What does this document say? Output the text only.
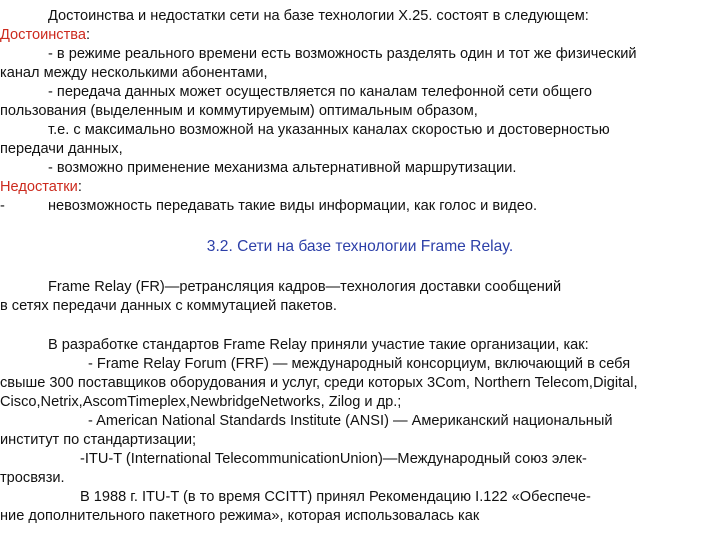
Достоинства и недостатки сети на базе технологии X.25. состоят в следующем:
Достоинства:
- в режиме реального времени есть возможность разделять один и тот же физический
канал между несколькими абонентами,
- передача данных может осуществляется по каналам телефонной сети общего
пользования (выделенным и коммутируемым) оптимальным образом,
т.е. с максимально возможной на указанных каналах скоростью и достоверностью
передачи данных,
- возможно применение механизма альтернативной маршрутизации.
Недостатки:
-	невозможность передавать такие виды информации, как голос и видео.
3.2. Сети на базе технологии Frame Relay.
Frame Relay (FR)—ретрансляция кадров—технология доставки сообщений
в сетях передачи данных с коммутацией пакетов.
В разработке стандартов Frame Relay приняли участие такие организации, как:
- Frame Relay Forum (FRF) — международный консорциум, включающий в себя
свыше 300 поставщиков оборудования и услуг, среди которых 3Com, Northern Telecom,Digital,
Cisco,Netrix,AscomTimeplex,NewbridgeNetworks, Zilog и др.;
- American National Standards Institute (ANSI) — Американский национальный
институт по стандартизации;
-ITU-T (International TelecommunicationUnion)—Международный союз элек-
тросвязи.
В 1988 г. ITU-T (в то время CCITT) принял Рекомендацию I.122 «Обеспече-
ние дополнительного пакетного режима», которая использовалась как
